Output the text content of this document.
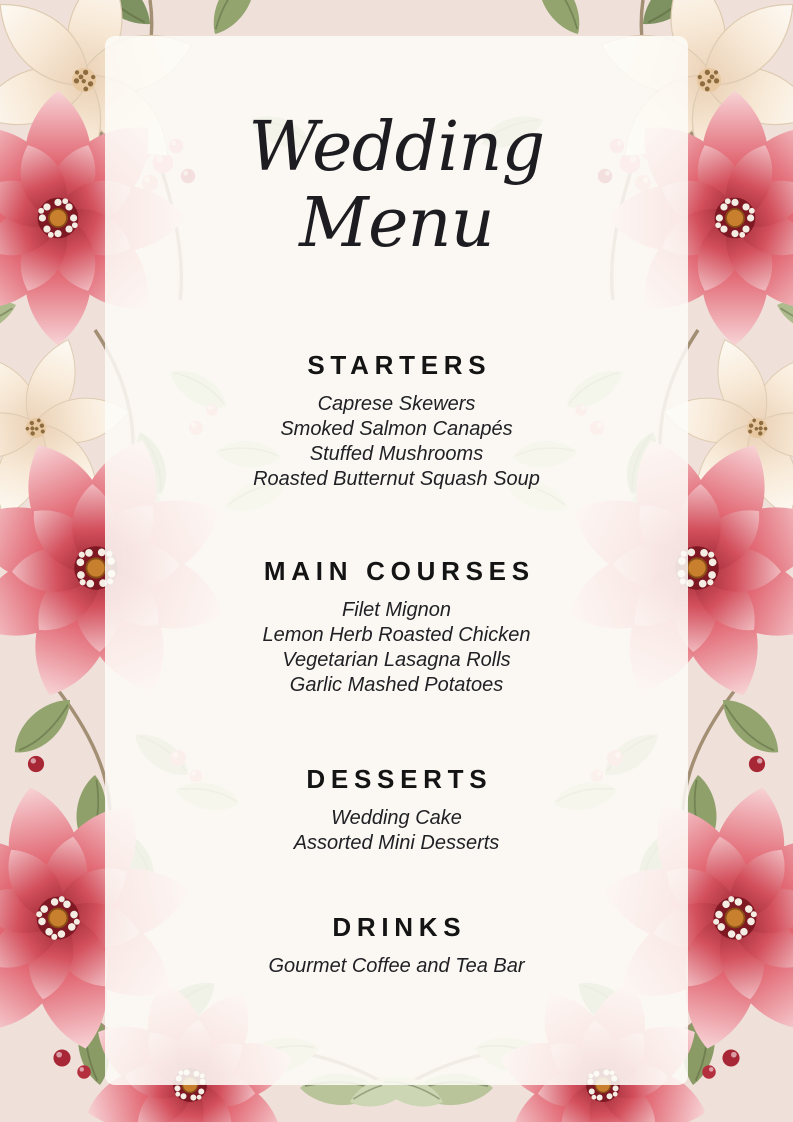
Wedding
Menu
STARTERS
Caprese Skewers
Smoked Salmon Canapés
Stuffed Mushrooms
Roasted Butternut Squash Soup
MAIN COURSES
Filet Mignon
Lemon Herb Roasted Chicken
Vegetarian Lasagna Rolls
Garlic Mashed Potatoes
DESSERTS
Wedding Cake
Assorted Mini Desserts
DRINKS
Gourmet Coffee and Tea Bar
